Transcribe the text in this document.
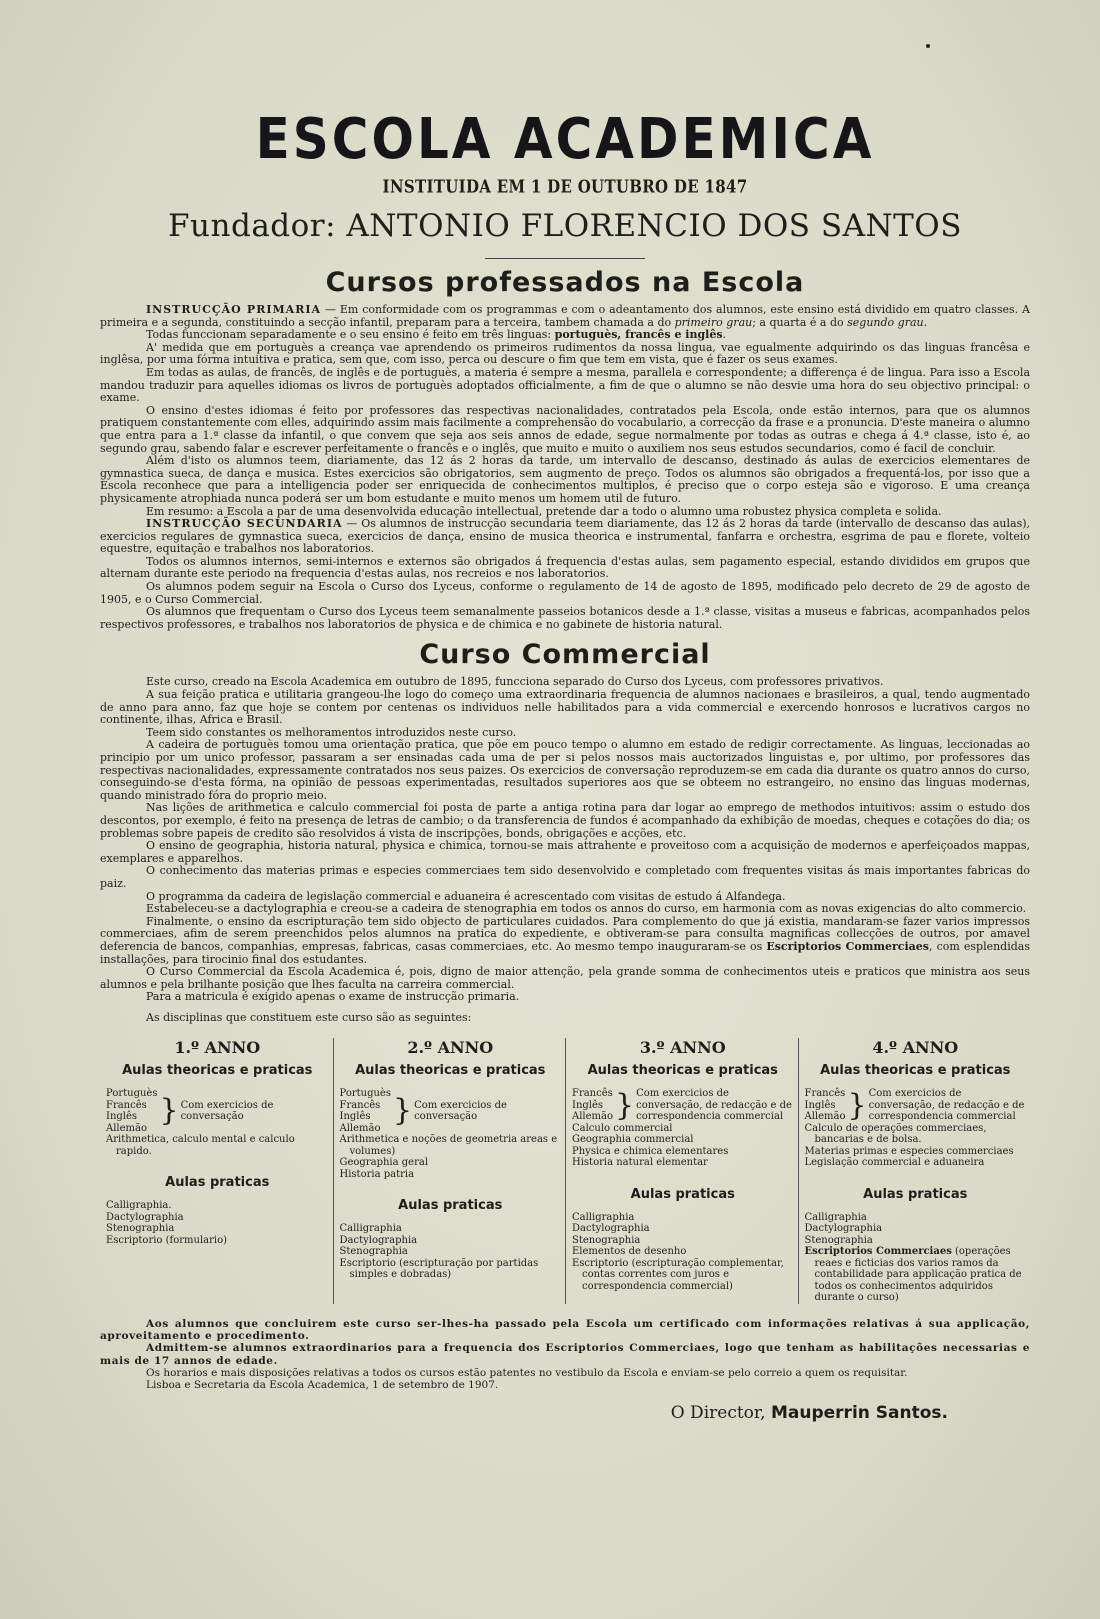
ESCOLA ACADEMICA
INSTITUIDA EM 1 DE OUTUBRO DE 1847
Fundador: ANTONIO FLORENCIO DOS SANTOS
Cursos professados na Escola

INSTRUCÇÃO PRIMARIA — Em conformidade com os programmas e com o adeantamento dos alumnos, este ensino está dividido em quatro classes. A primeira e a segunda, constituindo a secção infantil, preparam para a terceira, tambem chamada a do primeiro grau; a quarta é a do segundo grau.

Todas funccionam separadamente e o seu ensino é feito em três linguas: portuguès, francês e inglês.

A' medida que em portuguès a creança vae aprendendo os primeiros rudimentos da nossa lingua, vae egualmente adquirindo os das linguas francêsa e inglêsa, por uma fórma intuitiva e pratica, sem que, com isso, perca ou descure o fim que tem em vista, que é fazer os seus exames.

Em todas as aulas, de francês, de inglês e de portuguès, a materia é sempre a mesma, parallela e correspondente; a differença é de lingua. Para isso a Escola mandou traduzir para aquelles idiomas os livros de portuguès adoptados officialmente, a fim de que o alumno se não desvie uma hora do seu objectivo principal: o exame.

O ensino d'estes idiomas é feito por professores das respectivas nacionalidades, contratados pela Escola, onde estão internos, para que os alumnos pratiquem constantemente com elles, adquirindo assim mais facilmente a comprehensão do vocabulario, a correcção da frase e a pronuncia. D'este maneira o alumno que entra para a 1.ª classe da infantil, o que convem que seja aos seis annos de edade, segue normalmente por todas as outras e chega á 4.ª classe, isto é, ao segundo grau, sabendo falar e escrever perfeitamente o francês e o inglês, que muito e muito o auxiliem nos seus estudos secundarios, como é facil de concluir.

Além d'isto os alumnos teem, diariamente, das 12 ás 2 horas da tarde, um intervallo de descanso, destinado ás aulas de exercicios elementares de gymnastica sueca, de dança e musica. Estes exercicios são obrigatorios, sem augmento de preço. Todos os alumnos são obrigados a frequentá-los, por isso que a Escola reconhece que para a intelligencia poder ser enriquecida de conhecimentos multiplos, é preciso que o corpo esteja são e vigoroso. E uma creança physicamente atrophiada nunca poderá ser um bom estudante e muito menos um homem util de futuro.

Em resumo: a Escola a par de uma desenvolvida educação intellectual, pretende dar a todo o alumno uma robustez physica completa e solida.

INSTRUCÇÃO SECUNDARIA — Os alumnos de instrucção secundaria teem diariamente, das 12 ás 2 horas da tarde (intervallo de descanso das aulas), exercicios regulares de gymnastica sueca, exercicios de dança, ensino de musica theorica e instrumental, fanfarra e orchestra, esgrima de pau e florete, volteio equestre, equitação e trabalhos nos laboratorios.

Todos os alumnos internos, semi-internos e externos são obrigados á frequencia d'estas aulas, sem pagamento especial, estando divididos em grupos que alternam durante este periodo na frequencia d'estas aulas, nos recreios e nos laboratorios.

Os alumnos podem seguir na Escola o Curso dos Lyceus, conforme o regulamento de 14 de agosto de 1895, modificado pelo decreto de 29 de agosto de 1905, e o Curso Commercial.

Os alumnos que frequentam o Curso dos Lyceus teem semanalmente passeios botanicos desde a 1.ª classe, visitas a museus e fabricas, acompanhados pelos respectivos professores, e trabalhos nos laboratorios de physica e de chimica e no gabinete de historia natural.

Curso Commercial

Este curso, creado na Escola Academica em outubro de 1895, funcciona separado do Curso dos Lyceus, com professores privativos.

A sua feição pratica e utilitaria grangeou-lhe logo do começo uma extraordinaria frequencia de alumnos nacionaes e brasileiros, a qual, tendo augmentado de anno para anno, faz que hoje se contem por centenas os individuos nelle habilitados para a vida commercial e exercendo honrosos e lucrativos cargos no continente, ilhas, Africa e Brasil.

Teem sido constantes os melhoramentos introduzidos neste curso.

A cadeira de portuguès tomou uma orientação pratica, que põe em pouco tempo o alumno em estado de redigir correctamente. As linguas, leccionadas ao principio por um unico professor, passaram a ser ensinadas cada uma de per si pelos nossos mais auctorizados linguistas e, por ultimo, por professores das respectivas nacionalidades, expressamente contratados nos seus paizes. Os exercicios de conversação reproduzem-se em cada dia durante os quatro annos do curso, conseguindo-se d'esta fórma, na opinião de pessoas experimentadas, resultados superiores aos que se obteem no estrangeiro, no ensino das linguas modernas, quando ministrado fóra do proprio meio.

Nas lições de arithmetica e calculo commercial foi posta de parte a antiga rotina para dar logar ao emprego de methodos intuitivos: assim o estudo dos descontos, por exemplo, é feito na presença de letras de cambio; o da transferencia de fundos é acompanhado da exhibição de moedas, cheques e cotações do dia; os problemas sobre papeis de credito são resolvidos á vista de inscripções, bonds, obrigações e acções, etc.

O ensino de geographia, historia natural, physica e chimica, tornou-se mais attrahente e proveitoso com a acquisição de modernos e aperfeiçoados mappas, exemplares e apparelhos.

O conhecimento das materias primas e especies commerciaes tem sido desenvolvido e completado com frequentes visitas ás mais importantes fabricas do paiz.

O programma da cadeira de legislação commercial e aduaneira é acrescentado com visitas de estudo á Alfandega.

Estabeleceu-se a dactylographia e creou-se a cadeira de stenographia em todos os annos do curso, em harmonia com as novas exigencias do alto commercio.

Finalmente, o ensino da escripturação tem sido objecto de particulares cuidados. Para complemento do que já existia, mandaram-se fazer varios impressos commerciaes, afim de serem preenchidos pelos alumnos na pratica do expediente, e obtiveram-se para consulta magnificas collecções de outros, por amavel deferencia de bancos, companhias, empresas, fabricas, casas commerciaes, etc. Ao mesmo tempo inauguraram-se os Escriptorios Commerciaes, com esplendidas installações, para tirocinio final dos estudantes.

O Curso Commercial da Escola Academica é, pois, digno de maior attenção, pela grande somma de conhecimentos uteis e praticos que ministra aos seus alumnos e pela brilhante posição que lhes faculta na carreira commercial.

Para a matricula é exigido apenas o exame de instrucção primaria.

As disciplinas que constituem este curso são as seguintes:

1.º ANNO
Aulas theoricas e praticas
Portuguès
Francês
Inglês
Allemão } Com exercicios de conversação
Arithmetica, calculo mental e calculo rapido.
Aulas praticas
Calligraphia.
Dactylographia
Stenographia
Escriptorio (formulario)
2.º ANNO
Aulas theoricas e praticas
Portuguès
Francês
Inglês
Allemão } Com exercicios de conversação
Arithmetica e noções de geometria areas e volumes)
Geographia geral
Historia patria
Aulas praticas
Calligraphia
Dactylographia
Stenographia
Escriptorio (escripturação por partidas simples e dobradas)
3.º ANNO
Aulas theoricas e praticas
Francês
Inglês
Allemão } Com exercicios de conversação, de redacção e de correspondencia commercial
Calculo commercial
Geographia commercial
Physica e chimica elementares
Historia natural elementar
Aulas praticas
Calligraphia
Dactylographia
Stenographia
Elementos de desenho
Escriptorio (escripturação complementar, contas correntes com juros e correspondencia commercial)
4.º ANNO
Aulas theoricas e praticas
Francês
Inglês
Allemão } Com exercicios de conversação, de redacção e de correspondencia commercial
Calculo de operações commerciaes, bancarias e de bolsa.
Materias primas e especies commerciaes
Legislação commercial e aduaneira
Aulas praticas
Calligraphia
Dactylographia
Stenographia
Escriptorios Commerciaes (operações reaes e ficticias dos varios ramos da contabilidade para applicação pratica de todos os conhecimentos adquiridos durante o curso)

Aos alumnos que concluirem este curso ser-lhes-ha passado pela Escola um certificado com informações relativas á sua applicação, aproveitamento e procedimento.

Admittem-se alumnos extraordinarios para a frequencia dos Escriptorios Commerciaes, logo que tenham as habilitações necessarias e mais de 17 annos de edade.

Os horarios e mais disposições relativas a todos os cursos estão patentes no vestibulo da Escola e enviam-se pelo correio a quem os requisitar.

Lisboa e Secretaria da Escola Academica, 1 de setembro de 1907.

O Director, Mauperrin Santos.
